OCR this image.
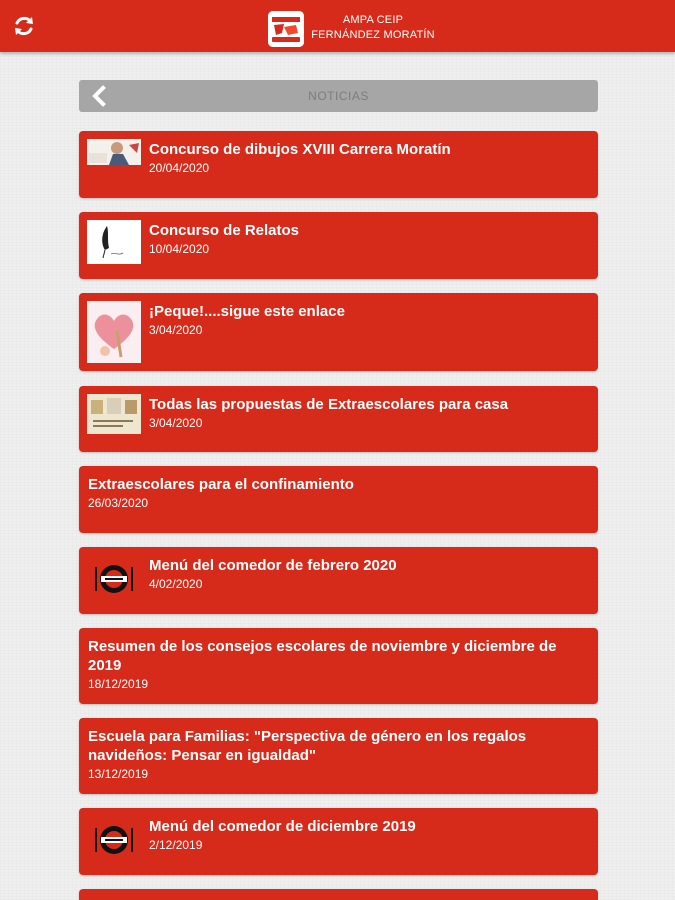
AMPA CEIP
FERNÁNDEZ MORATÍN
NOTICIAS
Concurso de dibujos XVIII Carrera Moratín
20/04/2020
Concurso de Relatos
10/04/2020
¡Peque!....sigue este enlace
3/04/2020
Todas las propuestas de Extraescolares para casa
3/04/2020
Extraescolares para el confinamiento
26/03/2020
Menú del comedor de febrero 2020
4/02/2020
Resumen de los consejos escolares de noviembre y diciembre de 2019
18/12/2019
Escuela para Familias: "Perspectiva de género en los regalos navideños: Pensar en igualdad"
13/12/2019
Menú del comedor de diciembre 2019
2/12/2019
